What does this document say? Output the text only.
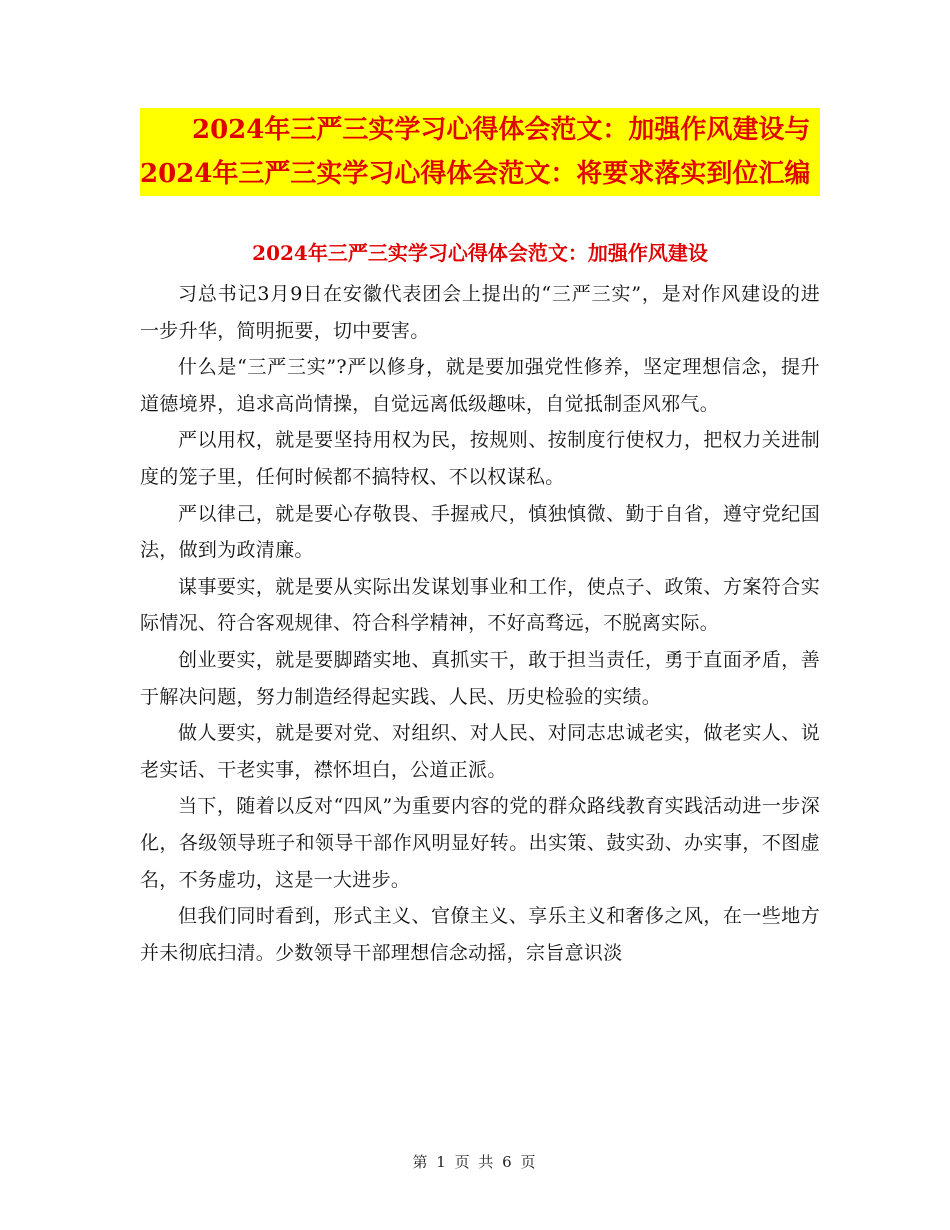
2024年三严三实学习心得体会范文：加强作风建设与
2024年三严三实学习心得体会范文：将要求落实到位汇编
2024年三严三实学习心得体会范文：加强作风建设

习总书记3月9日在安徽代表团会上提出的“三严三实”，是对作风建设的进一步升华，简明扼要，切中要害。

什么是“三严三实”?严以修身，就是要加强党性修养，坚定理想信念，提升道德境界，追求高尚情操，自觉远离低级趣味，自觉抵制歪风邪气。

严以用权，就是要坚持用权为民，按规则、按制度行使权力，把权力关进制度的笼子里，任何时候都不搞特权、不以权谋私。

严以律己，就是要心存敬畏、手握戒尺，慎独慎微、勤于自省，遵守党纪国法，做到为政清廉。

谋事要实，就是要从实际出发谋划事业和工作，使点子、政策、方案符合实际情况、符合客观规律、符合科学精神，不好高骛远，不脱离实际。

创业要实，就是要脚踏实地、真抓实干，敢于担当责任，勇于直面矛盾，善于解决问题，努力制造经得起实践、人民、历史检验的实绩。

做人要实，就是要对党、对组织、对人民、对同志忠诚老实，做老实人、说老实话、干老实事，襟怀坦白，公道正派。

当下，随着以反对“四风”为重要内容的党的群众路线教育实践活动进一步深化，各级领导班子和领导干部作风明显好转。出实策、鼓实劲、办实事，不图虚名，不务虚功，这是一大进步。

但我们同时看到，形式主义、官僚主义、享乐主义和奢侈之风，在一些地方并未彻底扫清。少数领导干部理想信念动摇，宗旨意识淡

第 1 页 共 6 页
